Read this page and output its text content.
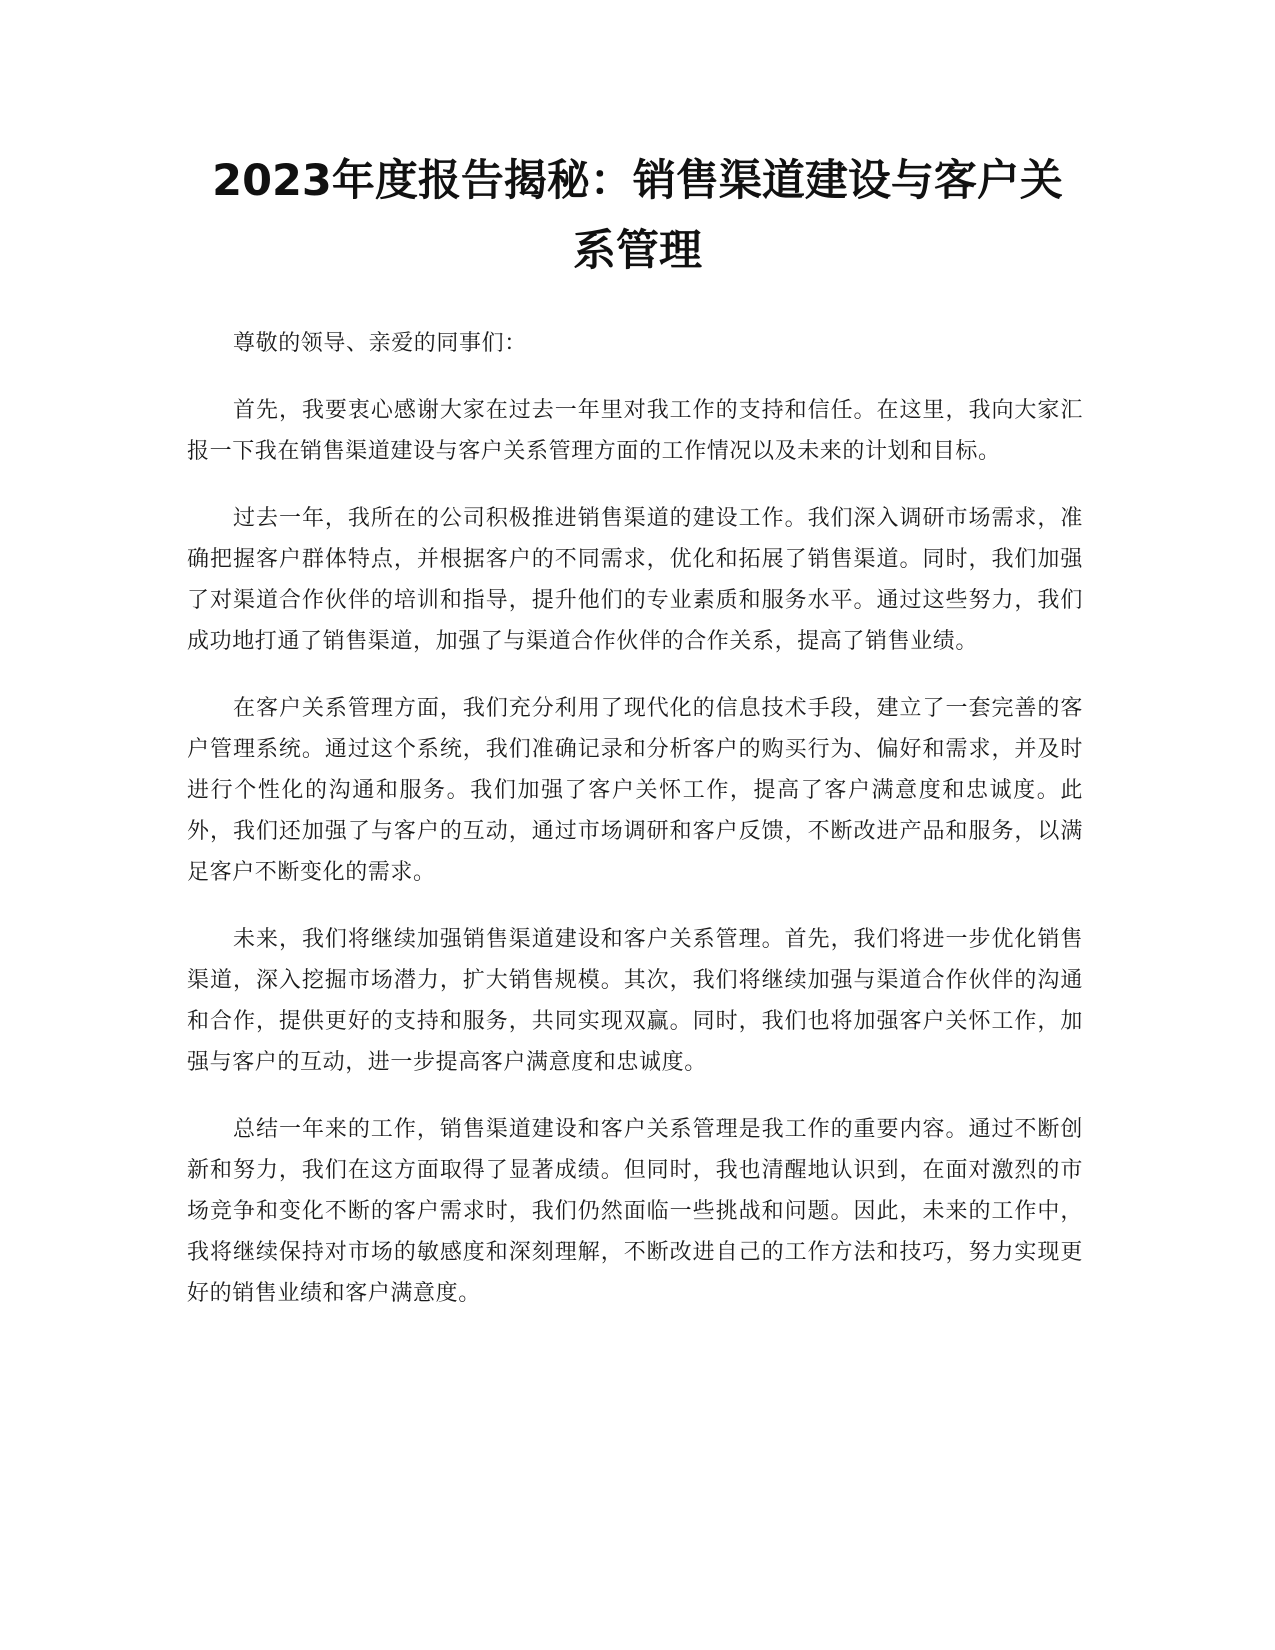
2023年度报告揭秘：销售渠道建设与客户关
系管理

尊敬的领导、亲爱的同事们：

首先，我要衷心感谢大家在过去一年里对我工作的支持和信任。在这里，我向大家汇报一下我在销售渠道建设与客户关系管理方面的工作情况以及未来的计划和目标。

过去一年，我所在的公司积极推进销售渠道的建设工作。我们深入调研市场需求，准确把握客户群体特点，并根据客户的不同需求，优化和拓展了销售渠道。同时，我们加强了对渠道合作伙伴的培训和指导，提升他们的专业素质和服务水平。通过这些努力，我们成功地打通了销售渠道，加强了与渠道合作伙伴的合作关系，提高了销售业绩。

在客户关系管理方面，我们充分利用了现代化的信息技术手段，建立了一套完善的客户管理系统。通过这个系统，我们准确记录和分析客户的购买行为、偏好和需求，并及时进行个性化的沟通和服务。我们加强了客户关怀工作，提高了客户满意度和忠诚度。此外，我们还加强了与客户的互动，通过市场调研和客户反馈，不断改进产品和服务，以满足客户不断变化的需求。

未来，我们将继续加强销售渠道建设和客户关系管理。首先，我们将进一步优化销售渠道，深入挖掘市场潜力，扩大销售规模。其次，我们将继续加强与渠道合作伙伴的沟通和合作，提供更好的支持和服务，共同实现双赢。同时，我们也将加强客户关怀工作，加强与客户的互动，进一步提高客户满意度和忠诚度。

总结一年来的工作，销售渠道建设和客户关系管理是我工作的重要内容。通过不断创新和努力，我们在这方面取得了显著成绩。但同时，我也清醒地认识到，在面对激烈的市场竞争和变化不断的客户需求时，我们仍然面临一些挑战和问题。因此，未来的工作中，我将继续保持对市场的敏感度和深刻理解，不断改进自己的工作方法和技巧，努力实现更好的销售业绩和客户满意度。
